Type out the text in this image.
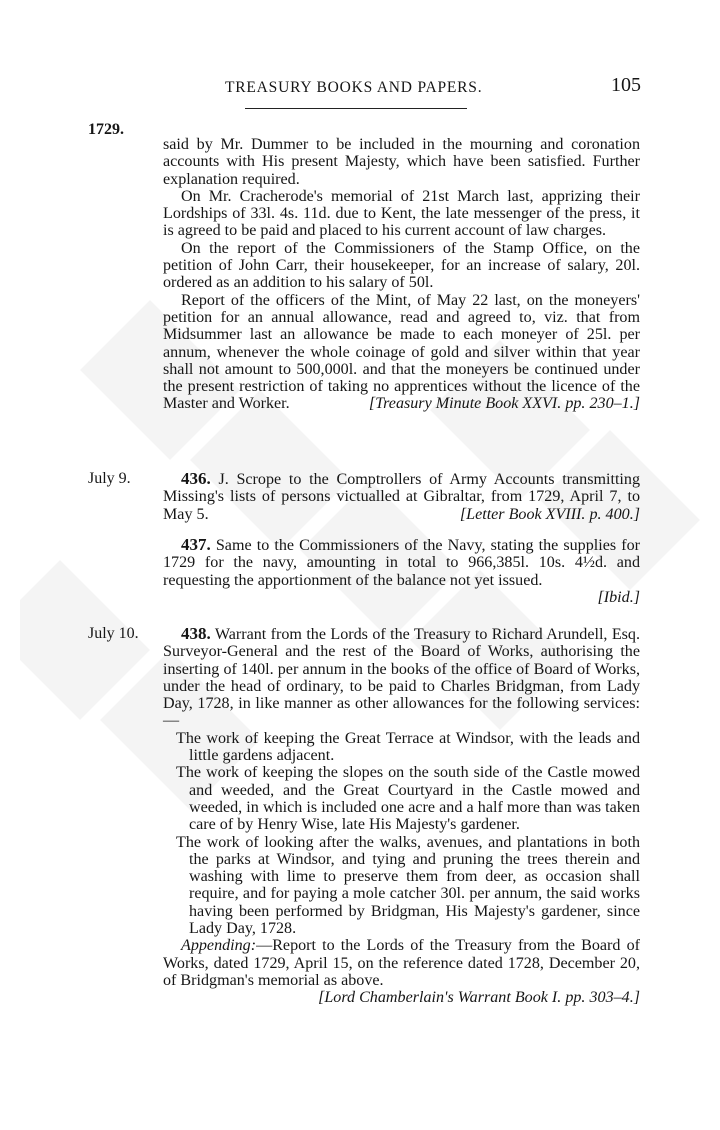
TREASURY BOOKS AND PAPERS.	105
1729.

said by Mr. Dummer to be included in the mourning and coronation accounts with His present Majesty, which have been satisfied. Further explanation required.

On Mr. Cracherode's memorial of 21st March last, apprizing their Lordships of 33l. 4s. 11d. due to Kent, the late messenger of the press, it is agreed to be paid and placed to his current account of law charges.

On the report of the Commissioners of the Stamp Office, on the petition of John Carr, their housekeeper, for an increase of salary, 20l. ordered as an addition to his salary of 50l.

Report of the officers of the Mint, of May 22 last, on the moneyers' petition for an annual allowance, read and agreed to, viz. that from Midsummer last an allowance be made to each moneyer of 25l. per annum, whenever the whole coinage of gold and silver within that year shall not amount to 500,000l. and that the moneyers be continued under the present restriction of taking no apprentices without the licence of the Master and Worker.	[Treasury Minute Book XXVI. pp. 230–1.]

July 9.	436. J. Scrope to the Comptrollers of Army Accounts transmitting Missing's lists of persons victualled at Gibraltar, from 1729, April 7, to May 5.	[Letter Book XVIII. p. 400.]

437. Same to the Commissioners of the Navy, stating the supplies for 1729 for the navy, amounting in total to 966,385l. 10s. 4½d. and requesting the apportionment of the balance not yet issued.

[Ibid.]

July 10.	438. Warrant from the Lords of the Treasury to Richard Arundell, Esq. Surveyor-General and the rest of the Board of Works, authorising the inserting of 140l. per annum in the books of the office of Board of Works, under the head of ordinary, to be paid to Charles Bridgman, from Lady Day, 1728, in like manner as other allowances for the following services:—

The work of keeping the Great Terrace at Windsor, with the leads and little gardens adjacent.

The work of keeping the slopes on the south side of the Castle mowed and weeded, and the Great Courtyard in the Castle mowed and weeded, in which is included one acre and a half more than was taken care of by Henry Wise, late His Majesty's gardener.

The work of looking after the walks, avenues, and plantations in both the parks at Windsor, and tying and pruning the trees therein and washing with lime to preserve them from deer, as occasion shall require, and for paying a mole catcher 30l. per annum, the said works having been performed by Bridgman, His Majesty's gardener, since Lady Day, 1728.

Appending:—Report to the Lords of the Treasury from the Board of Works, dated 1729, April 15, on the reference dated 1728, December 20, of Bridgman's memorial as above.

[Lord Chamberlain's Warrant Book I. pp. 303–4.]
